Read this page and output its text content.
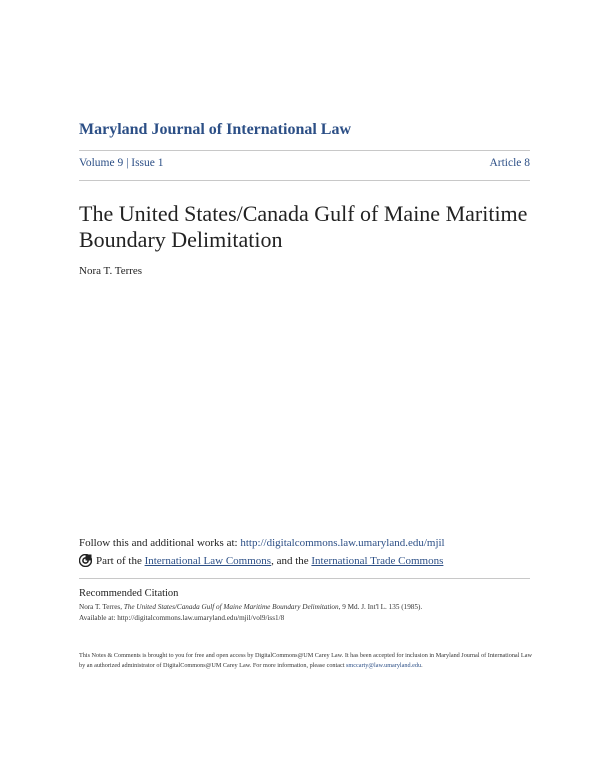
Maryland Journal of International Law
Volume 9 | Issue 1	Article 8
The United States/Canada Gulf of Maine Maritime
Boundary Delimitation
Nora T. Terres
Follow this and additional works at: http://digitalcommons.law.umaryland.edu/mjil
Part of the
International Law Commons , and the
International Trade Commons
Recommended Citation
Nora T. Terres, The United States/Canada Gulf of Maine Maritime Boundary Delimitation, 9 Md. J. Int'l L. 135 (1985).
Available at: http://digitalcommons.law.umaryland.edu/mjil/vol9/iss1/8
This Notes & Comments is brought to you for free and open access by DigitalCommons@UM Carey Law. It has been accepted for inclusion in Maryland Journal of International Law by an authorized administrator of DigitalCommons@UM Carey Law. For more information, please contact smccarty@law.umaryland.edu.
